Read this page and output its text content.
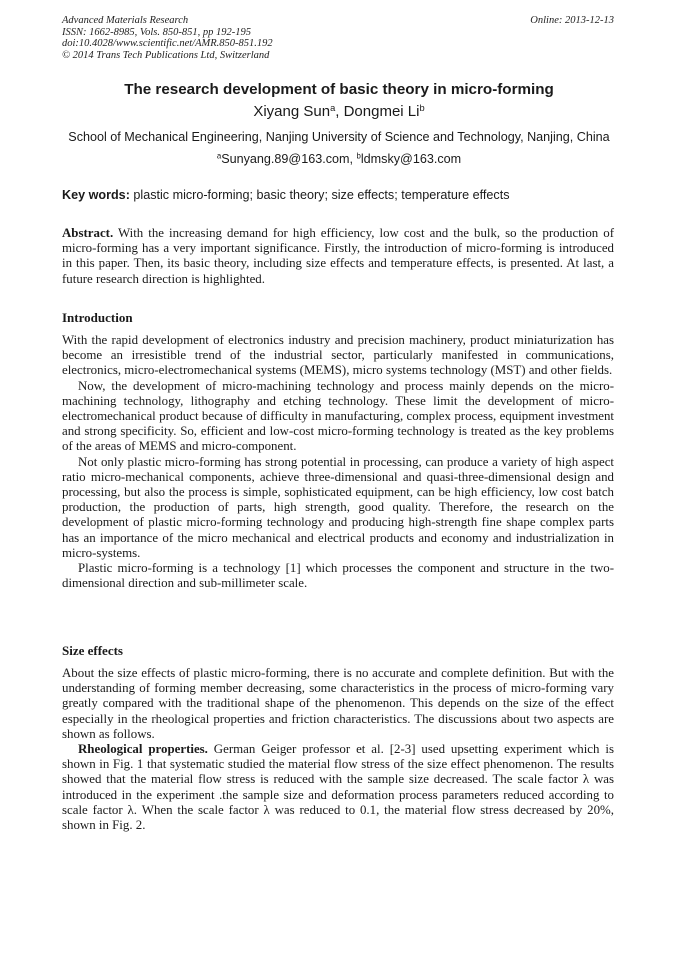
Advanced Materials Research
ISSN: 1662-8985, Vols. 850-851, pp 192-195
doi:10.4028/www.scientific.net/AMR.850-851.192
© 2014 Trans Tech Publications Ltd, Switzerland
Online: 2013-12-13
The research development of basic theory in micro-forming
Xiyang Sun$^a$, Dongmei Li$^b$
School of Mechanical Engineering, Nanjing University of Science and Technology, Nanjing, China
$^a$Sunyang.89@163.com, $^b$ldmsky@163.com
Key words: plastic micro-forming; basic theory; size effects; temperature effects

Abstract. With the increasing demand for high efficiency, low cost and the bulk, so the production of micro-forming has a very important significance. Firstly, the introduction of micro-forming is introduced in this paper. Then, its basic theory, including size effects and temperature effects, is presented. At last, a future research direction is highlighted.

Introduction

With the rapid development of electronics industry and precision machinery, product miniaturization has become an irresistible trend of the industrial sector, particularly manifested in communications, electronics, micro-electromechanical systems (MEMS), micro systems technology (MST) and other fields.

Now, the development of micro-machining technology and process mainly depends on the micro-machining technology, lithography and etching technology. These limit the development of micro-electromechanical product because of difficulty in manufacturing, complex process, equipment investment and strong specificity. So, efficient and low-cost micro-forming technology is treated as the key problems of the areas of MEMS and micro-component.

Not only plastic micro-forming has strong potential in processing, can produce a variety of high aspect ratio micro-mechanical components, achieve three-dimensional and quasi-three-dimensional design and processing, but also the process is simple, sophisticated equipment, can be high efficiency, low cost batch production, the production of parts, high strength, good quality. Therefore, the research on the development of plastic micro-forming technology and producing high-strength fine shape complex parts has an importance of the micro mechanical and electrical products and economy and industrialization in micro-systems.

Plastic micro-forming is a technology [1] which processes the component and structure in the two-dimensional direction and sub-millimeter scale.

Size effects

About the size effects of plastic micro-forming, there is no accurate and complete definition. But with the understanding of forming member decreasing, some characteristics in the process of micro-forming vary greatly compared with the traditional shape of the phenomenon. This depends on the size of the effect especially in the rheological properties and friction characteristics. The discussions about two aspects are shown as follows.

Rheological properties. German Geiger professor et al. [2-3] used upsetting experiment which is shown in Fig. 1 that systematic studied the material flow stress of the size effect phenomenon. The results showed that the material flow stress is reduced with the sample size decreased. The scale factor λ was introduced in the experiment .the sample size and deformation process parameters reduced according to scale factor λ. When the scale factor λ was reduced to 0.1, the material flow stress decreased by 20%, shown in Fig. 2.
